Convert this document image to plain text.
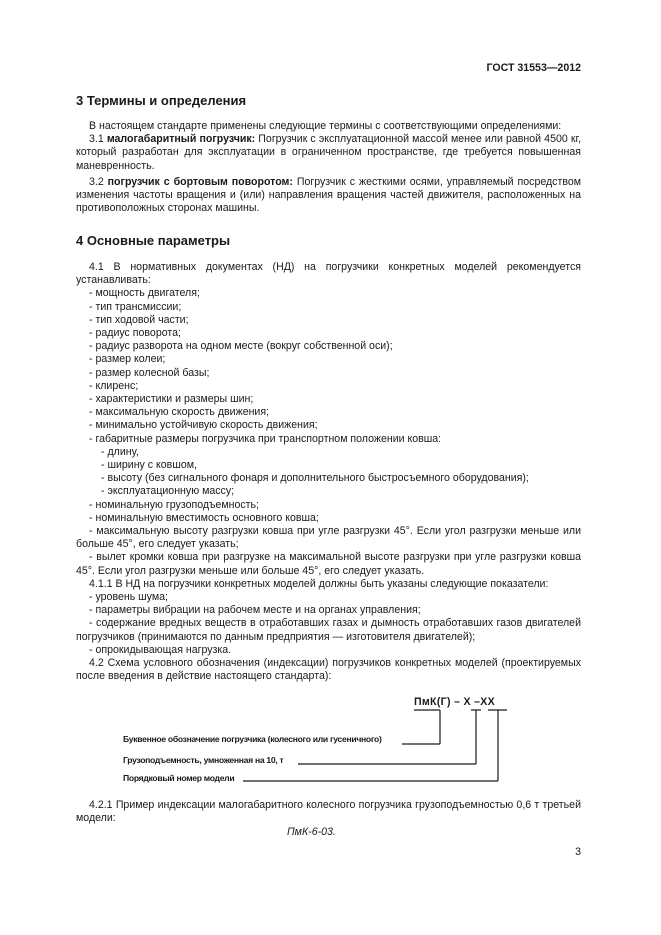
ГОСТ 31553—2012
3 Термины и определения

В настоящем стандарте применены следующие термины с соответствующими определениями:

3.1 малогабаритный погрузчик: Погрузчик с эксплуатационной массой менее или равной 4500 кг, который разработан для эксплуатации в ограниченном пространстве, где требуется повышенная маневренность.

3.2 погрузчик с бортовым поворотом: Погрузчик с жесткими осями, управляемый посредством изменения частоты вращения и (или) направления вращения частей движителя, расположенных на противоположных сторонах машины.

4 Основные параметры

4.1 В нормативных документах (НД) на погрузчики конкретных моделей рекомендуется устанавливать:

- мощность двигателя;

- тип трансмиссии;

- тип ходовой части;

- радиус поворота;

- радиус разворота на одном месте (вокруг собственной оси);

- размер колеи;

- размер колесной базы;

- клиренс;

- характеристики и размеры шин;

- максимальную скорость движения;

- минимально устойчивую скорость движения;

- габаритные размеры погрузчика при транспортном положении ковша:

- длину,

- ширину с ковшом,

- высоту (без сигнального фонаря и дополнительного быстросъемного оборудования);

- эксплуатационную массу;

- номинальную грузоподъемность;

- номинальную вместимость основного ковша;

- максимальную высоту разгрузки ковша при угле разгрузки 45°. Если угол разгрузки меньше или больше 45°, его следует указать;

- вылет кромки ковша при разгрузке на максимальной высоте разгрузки при угле разгрузки ковша 45°. Если угол разгрузки меньше или больше 45°, его следует указать.

4.1.1 В НД на погрузчики конкретных моделей должны быть указаны следующие показатели:

- уровень шума;

- параметры вибрации на рабочем месте и на органах управления;

- содержание вредных веществ в отработавших газах и дымность отработавших газов двигателей погрузчиков (принимаются по данным предприятия — изготовителя двигателей);

- опрокидывающая нагрузка.

4.2 Схема условного обозначения (индексации) погрузчиков конкретных моделей (проектируемых после введения в действие настоящего стандарта):

ПмК(Г) – Х –ХХ
Буквенное обозначение погрузчика (колесного или гусеничного)
Грузоподъемность, умноженная на 10, т
Порядковый номер модели

4.2.1 Пример индексации малогабаритного колесного погрузчика грузоподъемностью 0,6 т третьей модели:

ПмК-6-03.
3
